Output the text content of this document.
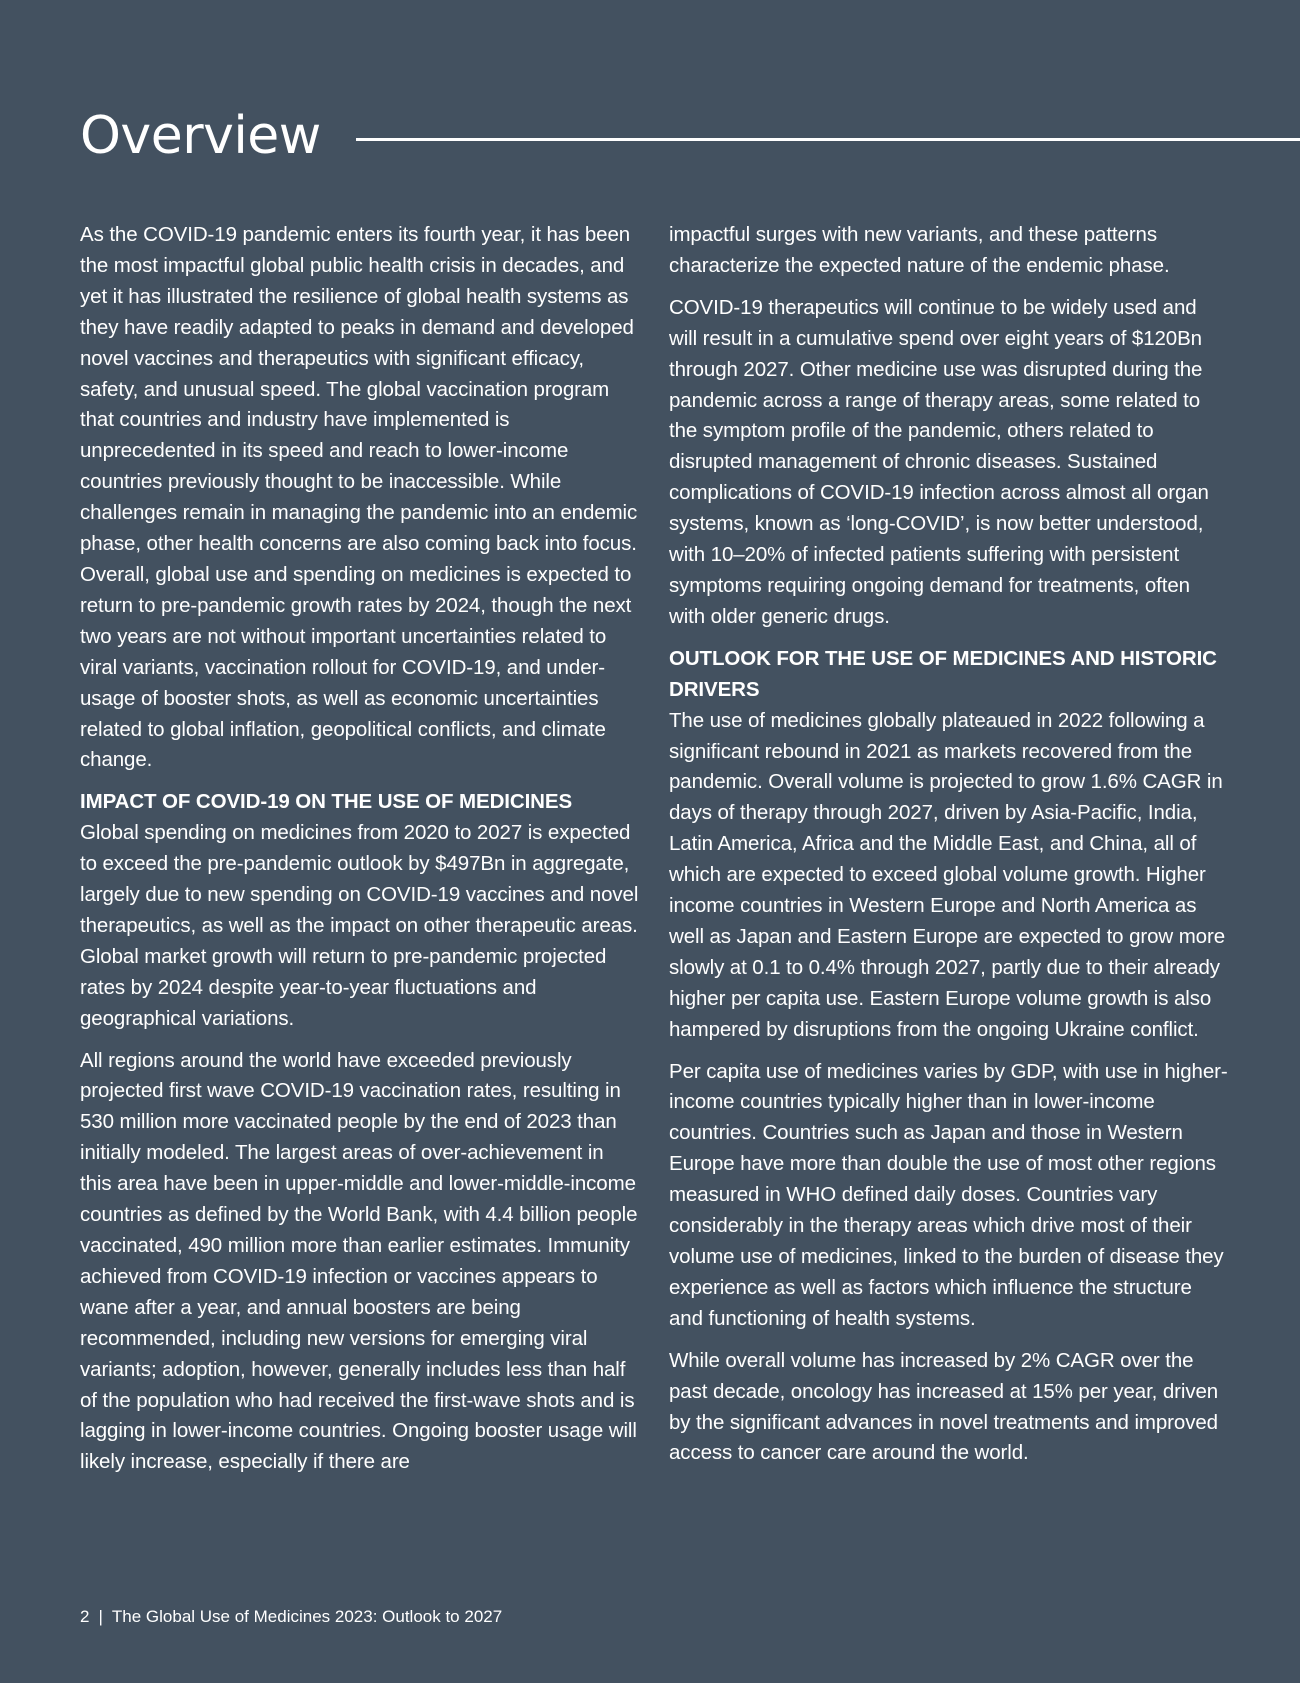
Overview

As the COVID-19 pandemic enters its fourth year, it has been the most impactful global public health crisis in decades, and yet it has illustrated the resilience of global health systems as they have readily adapted to peaks in demand and developed novel vaccines and therapeutics with significant efficacy, safety, and unusual speed. The global vaccination program that countries and industry have implemented is unprecedented in its speed and reach to lower-income countries previously thought to be inaccessible. While challenges remain in managing the pandemic into an endemic phase, other health concerns are also coming back into focus. Overall, global use and spending on medicines is expected to return to pre-pandemic growth rates by 2024, though the next two years are not without important uncertainties related to viral variants, vaccination rollout for COVID-19, and under-usage of booster shots, as well as economic uncertainties related to global inflation, geopolitical conflicts, and climate change.

IMPACT OF COVID-19 ON THE USE OF MEDICINES

Global spending on medicines from 2020 to 2027 is expected to exceed the pre-pandemic outlook by $497Bn in aggregate, largely due to new spending on COVID-19 vaccines and novel therapeutics, as well as the impact on other therapeutic areas. Global market growth will return to pre-pandemic projected rates by 2024 despite year-to-year fluctuations and geographical variations.

All regions around the world have exceeded previously projected first wave COVID-19 vaccination rates, resulting in 530 million more vaccinated people by the end of 2023 than initially modeled. The largest areas of over-achievement in this area have been in upper-middle and lower-middle-income countries as defined by the World Bank, with 4.4 billion people vaccinated, 490 million more than earlier estimates. Immunity achieved from COVID-19 infection or vaccines appears to wane after a year, and annual boosters are being recommended, including new versions for emerging viral variants; adoption, however, generally includes less than half of the population who had received the first-wave shots and is lagging in lower-income countries. Ongoing booster usage will likely increase, especially if there are

impactful surges with new variants, and these patterns characterize the expected nature of the endemic phase.

COVID-19 therapeutics will continue to be widely used and will result in a cumulative spend over eight years of $120Bn through 2027. Other medicine use was disrupted during the pandemic across a range of therapy areas, some related to the symptom profile of the pandemic, others related to disrupted management of chronic diseases. Sustained complications of COVID-19 infection across almost all organ systems, known as ‘long-COVID’, is now better understood, with 10–20% of infected patients suffering with persistent symptoms requiring ongoing demand for treatments, often with older generic drugs.

OUTLOOK FOR THE USE OF MEDICINES AND HISTORIC DRIVERS

The use of medicines globally plateaued in 2022 following a significant rebound in 2021 as markets recovered from the pandemic. Overall volume is projected to grow 1.6% CAGR in days of therapy through 2027, driven by Asia-Pacific, India, Latin America, Africa and the Middle East, and China, all of which are expected to exceed global volume growth. Higher income countries in Western Europe and North America as well as Japan and Eastern Europe are expected to grow more slowly at 0.1 to 0.4% through 2027, partly due to their already higher per capita use. Eastern Europe volume growth is also hampered by disruptions from the ongoing Ukraine conflict.

Per capita use of medicines varies by GDP, with use in higher-income countries typically higher than in lower-income countries. Countries such as Japan and those in Western Europe have more than double the use of most other regions measured in WHO defined daily doses. Countries vary considerably in the therapy areas which drive most of their volume use of medicines, linked to the burden of disease they experience as well as factors which influence the structure and functioning of health systems.

While overall volume has increased by 2% CAGR over the past decade, oncology has increased at 15% per year, driven by the significant advances in novel treatments and improved access to cancer care around the world.

2 | The Global Use of Medicines 2023: Outlook to 2027
